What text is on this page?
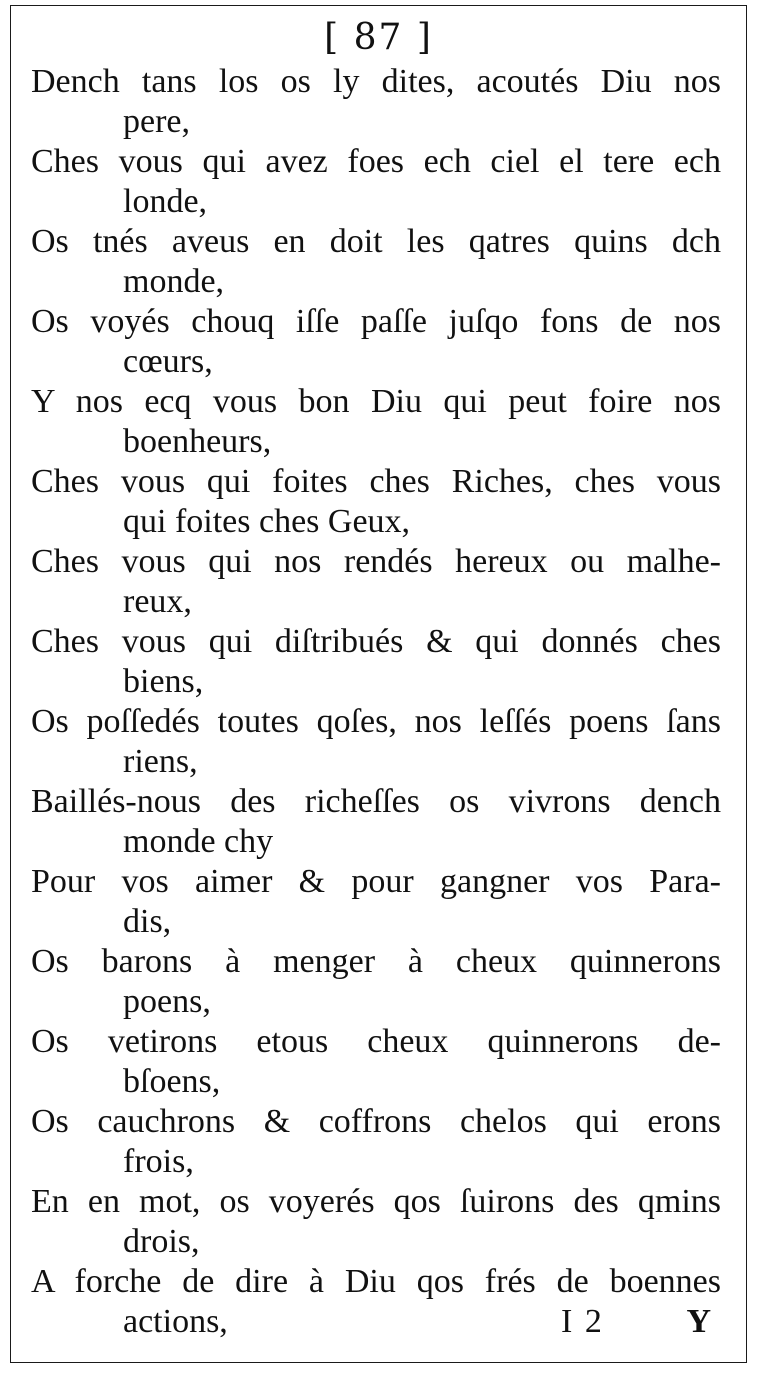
[ 87 ]
Dench tans los os ly dites, acoutés Diu nos
pere,
Ches vous qui avez foes ech ciel el tere ech
londe,
Os tnés aveus en doit les qatres quins dch
monde,
Os voyés chouq iſſe paſſe juſqo fons de nos
cœurs,
Y nos ecq vous bon Diu qui peut foire nos
boenheurs,
Ches vous qui foites ches Riches, ches vous
qui foites ches Geux,
Ches vous qui nos rendés hereux ou malhe-
reux,
Ches vous qui diſtribués & qui donnés ches
biens,
Os poſſedés toutes qoſes, nos leſſés poens ſans
riens,
Baillés-nous des richeſſes os vivrons dench
monde chy
Pour vos aimer & pour gangner vos Para-
dis,
Os barons à menger à cheux quinnerons
poens,
Os vetirons etous cheux quinnerons de-
bſoens,
Os cauchrons & coffrons chelos qui erons
frois,
En en mot, os voyerés qos ſuirons des qmins
drois,
A forche de dire à Diu qos frés de boennes
actions,	I 2 Y
